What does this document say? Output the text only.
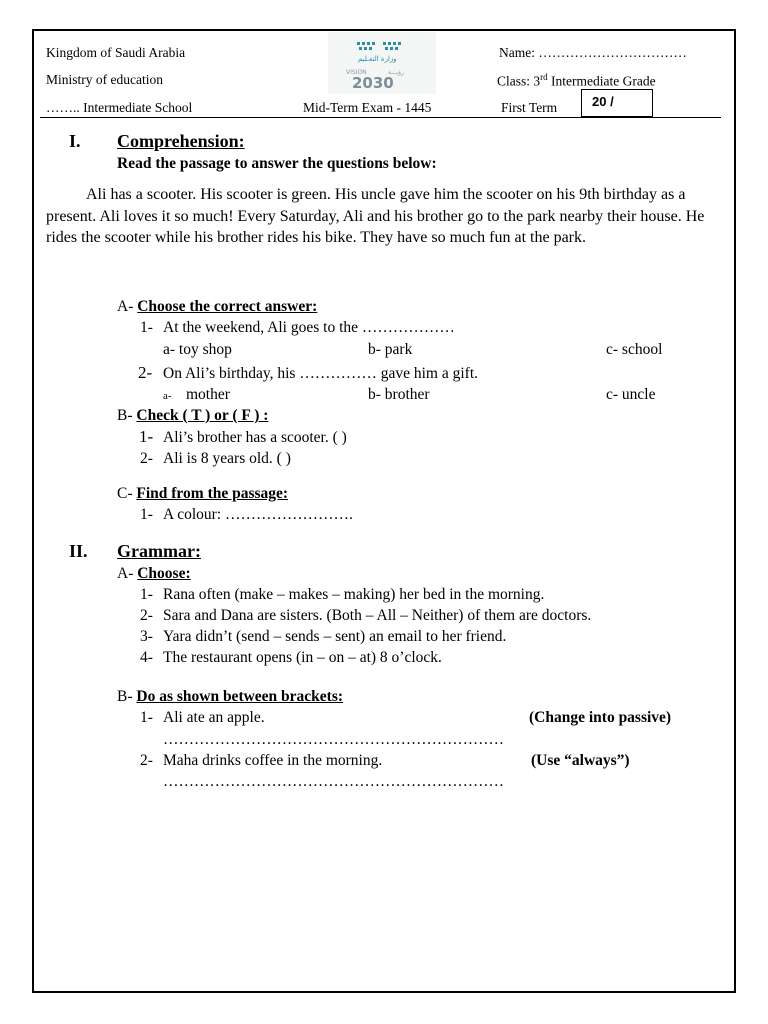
Kingdom of Saudi Arabia
Ministry of education
…….. Intermediate School	Mid-Term Exam - 1445
وزارة التعـليم
VISION	رؤيـــة
2030
Name: ……………………………
Class: 3rd Intermediate Grade
First Term	20 /
I. Comprehension:
Read the passage to answer the questions below:
Ali has a scooter. His scooter is green. His uncle gave him the scooter on his 9th birthday as a present. Ali loves it so much! Every Saturday, Ali and his brother go to the park nearby their house. He rides the scooter while his brother rides his bike. They have so much fun at the park.
A- Choose the correct answer:
1- At the weekend, Ali goes to the ………………
a- toy shop	b- park	c- school
2- On Ali’s birthday, his …………… gave him a gift.
a- mother	b- brother	c- uncle
B- Check ( T ) or ( F ) :
1- Ali’s brother has a scooter. ( )
2- Ali is 8 years old. ( )
C- Find from the passage:
1- A colour: …………………….
II. Grammar:
A- Choose:
1- Rana often (make – makes – making) her bed in the morning.
2- Sara and Dana are sisters. (Both – All – Neither) of them are doctors.
3- Yara didn’t (send – sends – sent) an email to her friend.
4- The restaurant opens (in – on – at) 8 o’clock.
B- Do as shown between brackets:
1- Ali ate an apple.	(Change into passive)
…………………………………………………………
2- Maha drinks coffee in the morning.	(Use “always”)
…………………………………………………………
